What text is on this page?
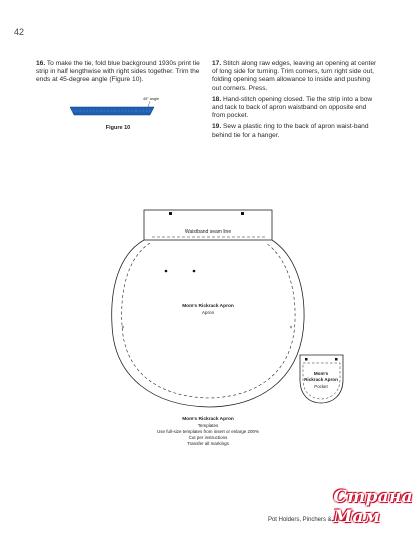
42

16. To make the tie, fold blue background 1930s print tie strip in half lengthwise with right sides together. Trim the ends at 45-degree angle (Figure 10).

45° angle
Figure 10

17. Stitch along raw edges, leaving an opening at center of long side for turning. Trim corners, turn right side out, folding opening seam allowance to inside and pushing out corners. Press.

18. Hand-stitch opening closed. Tie the strip into a bow and tack to back of apron waistband on opposite end from pocket.

19. Sew a plastic ring to the back of apron waist-band behind tie for a hanger.

Waistband seam line
×	×
Mom's Rickrack Apron
Apron
Mom's
Rickrack Apron
Pocket
Mom's Rickrack Apron
Templates
Use full-size templates from insert or enlarge 200%
Cut per instructions
Transfer all markings
Pot Holders, Pinchers & More
Страна Мам
